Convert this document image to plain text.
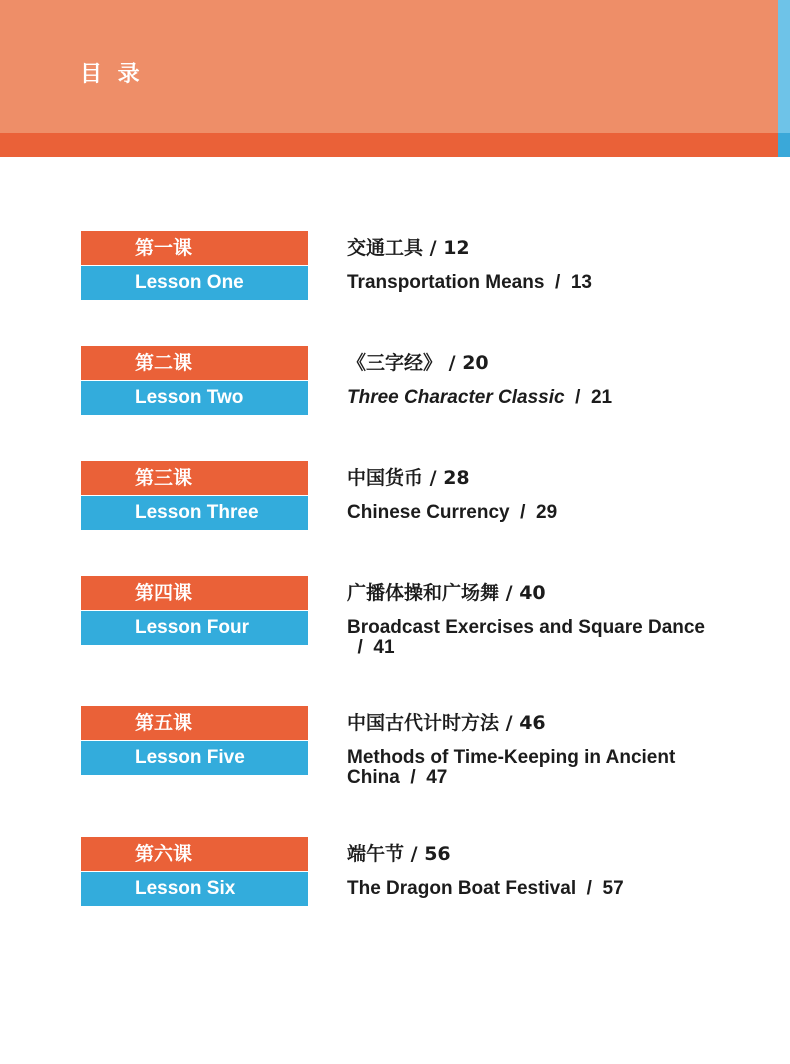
目 录
第一课
Lesson One
交通工具 / 12
Transportation Means  /  13
第二课
Lesson Two
《三字经》 / 20
Three Character Classic  /  21
第三课
Lesson Three
中国货币 / 28
Chinese Currency  /  29
第四课
Lesson Four
广播体操和广场舞 / 40
Broadcast Exercises and Square Dance  /  41
第五课
Lesson Five
中国古代计时方法 / 46
Methods of Time-Keeping in Ancient China  /  47
第六课
Lesson Six
端午节 / 56
The Dragon Boat Festival  /  57
